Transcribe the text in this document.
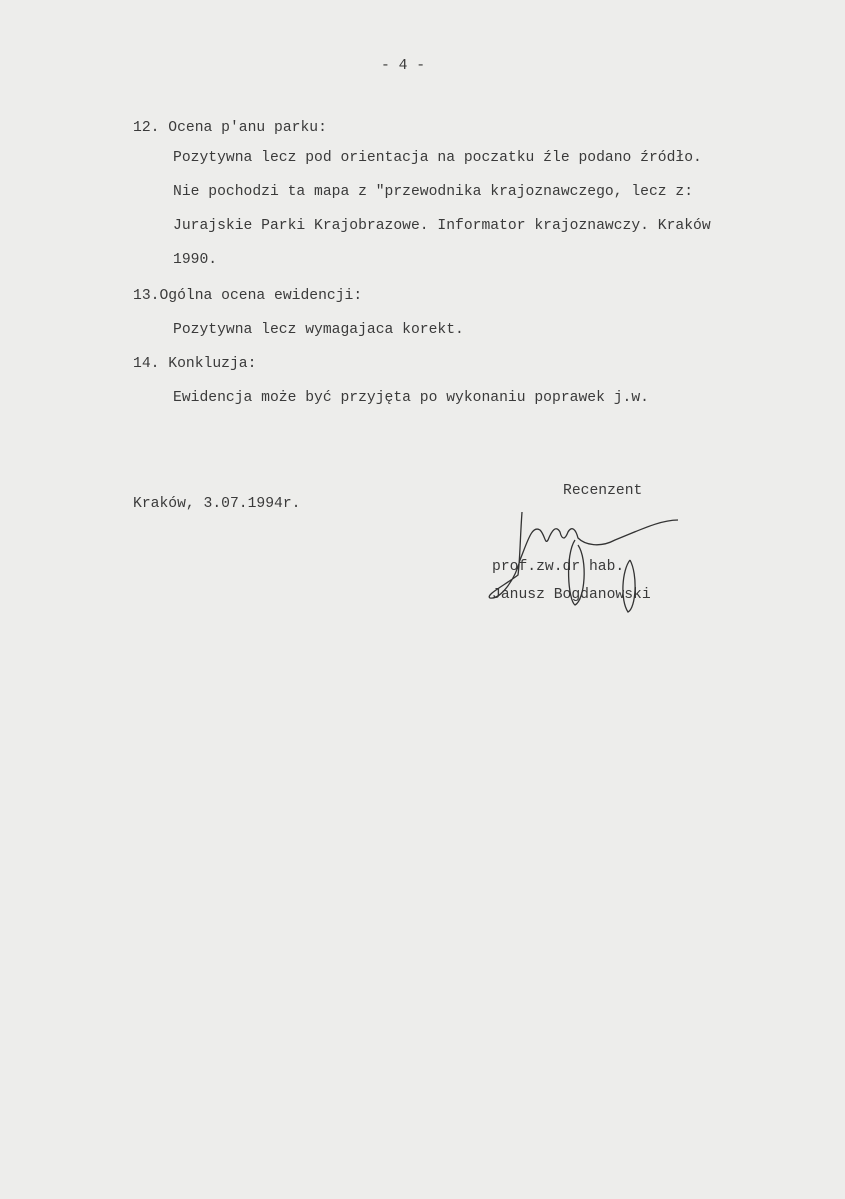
- 4 -
12. Ocena p'anu parku:
Pozytywna lecz pod orientacja na poczatku źle podano źródło.
Nie pochodzi ta mapa z "przewodnika krajoznawczego, lecz z:
Jurajskie Parki Krajobrazowe. Informator krajoznawczy. Kraków
1990.
13.Ogólna ocena ewidencji:
Pozytywna lecz wymagajaca korekt.
14. Konkluzja:
Ewidencja może być przyjęta po wykonaniu poprawek j.w.
Kraków, 3.07.1994r.
Recenzent
prof.zw.dr hab.
Janusz Bogdanowski
